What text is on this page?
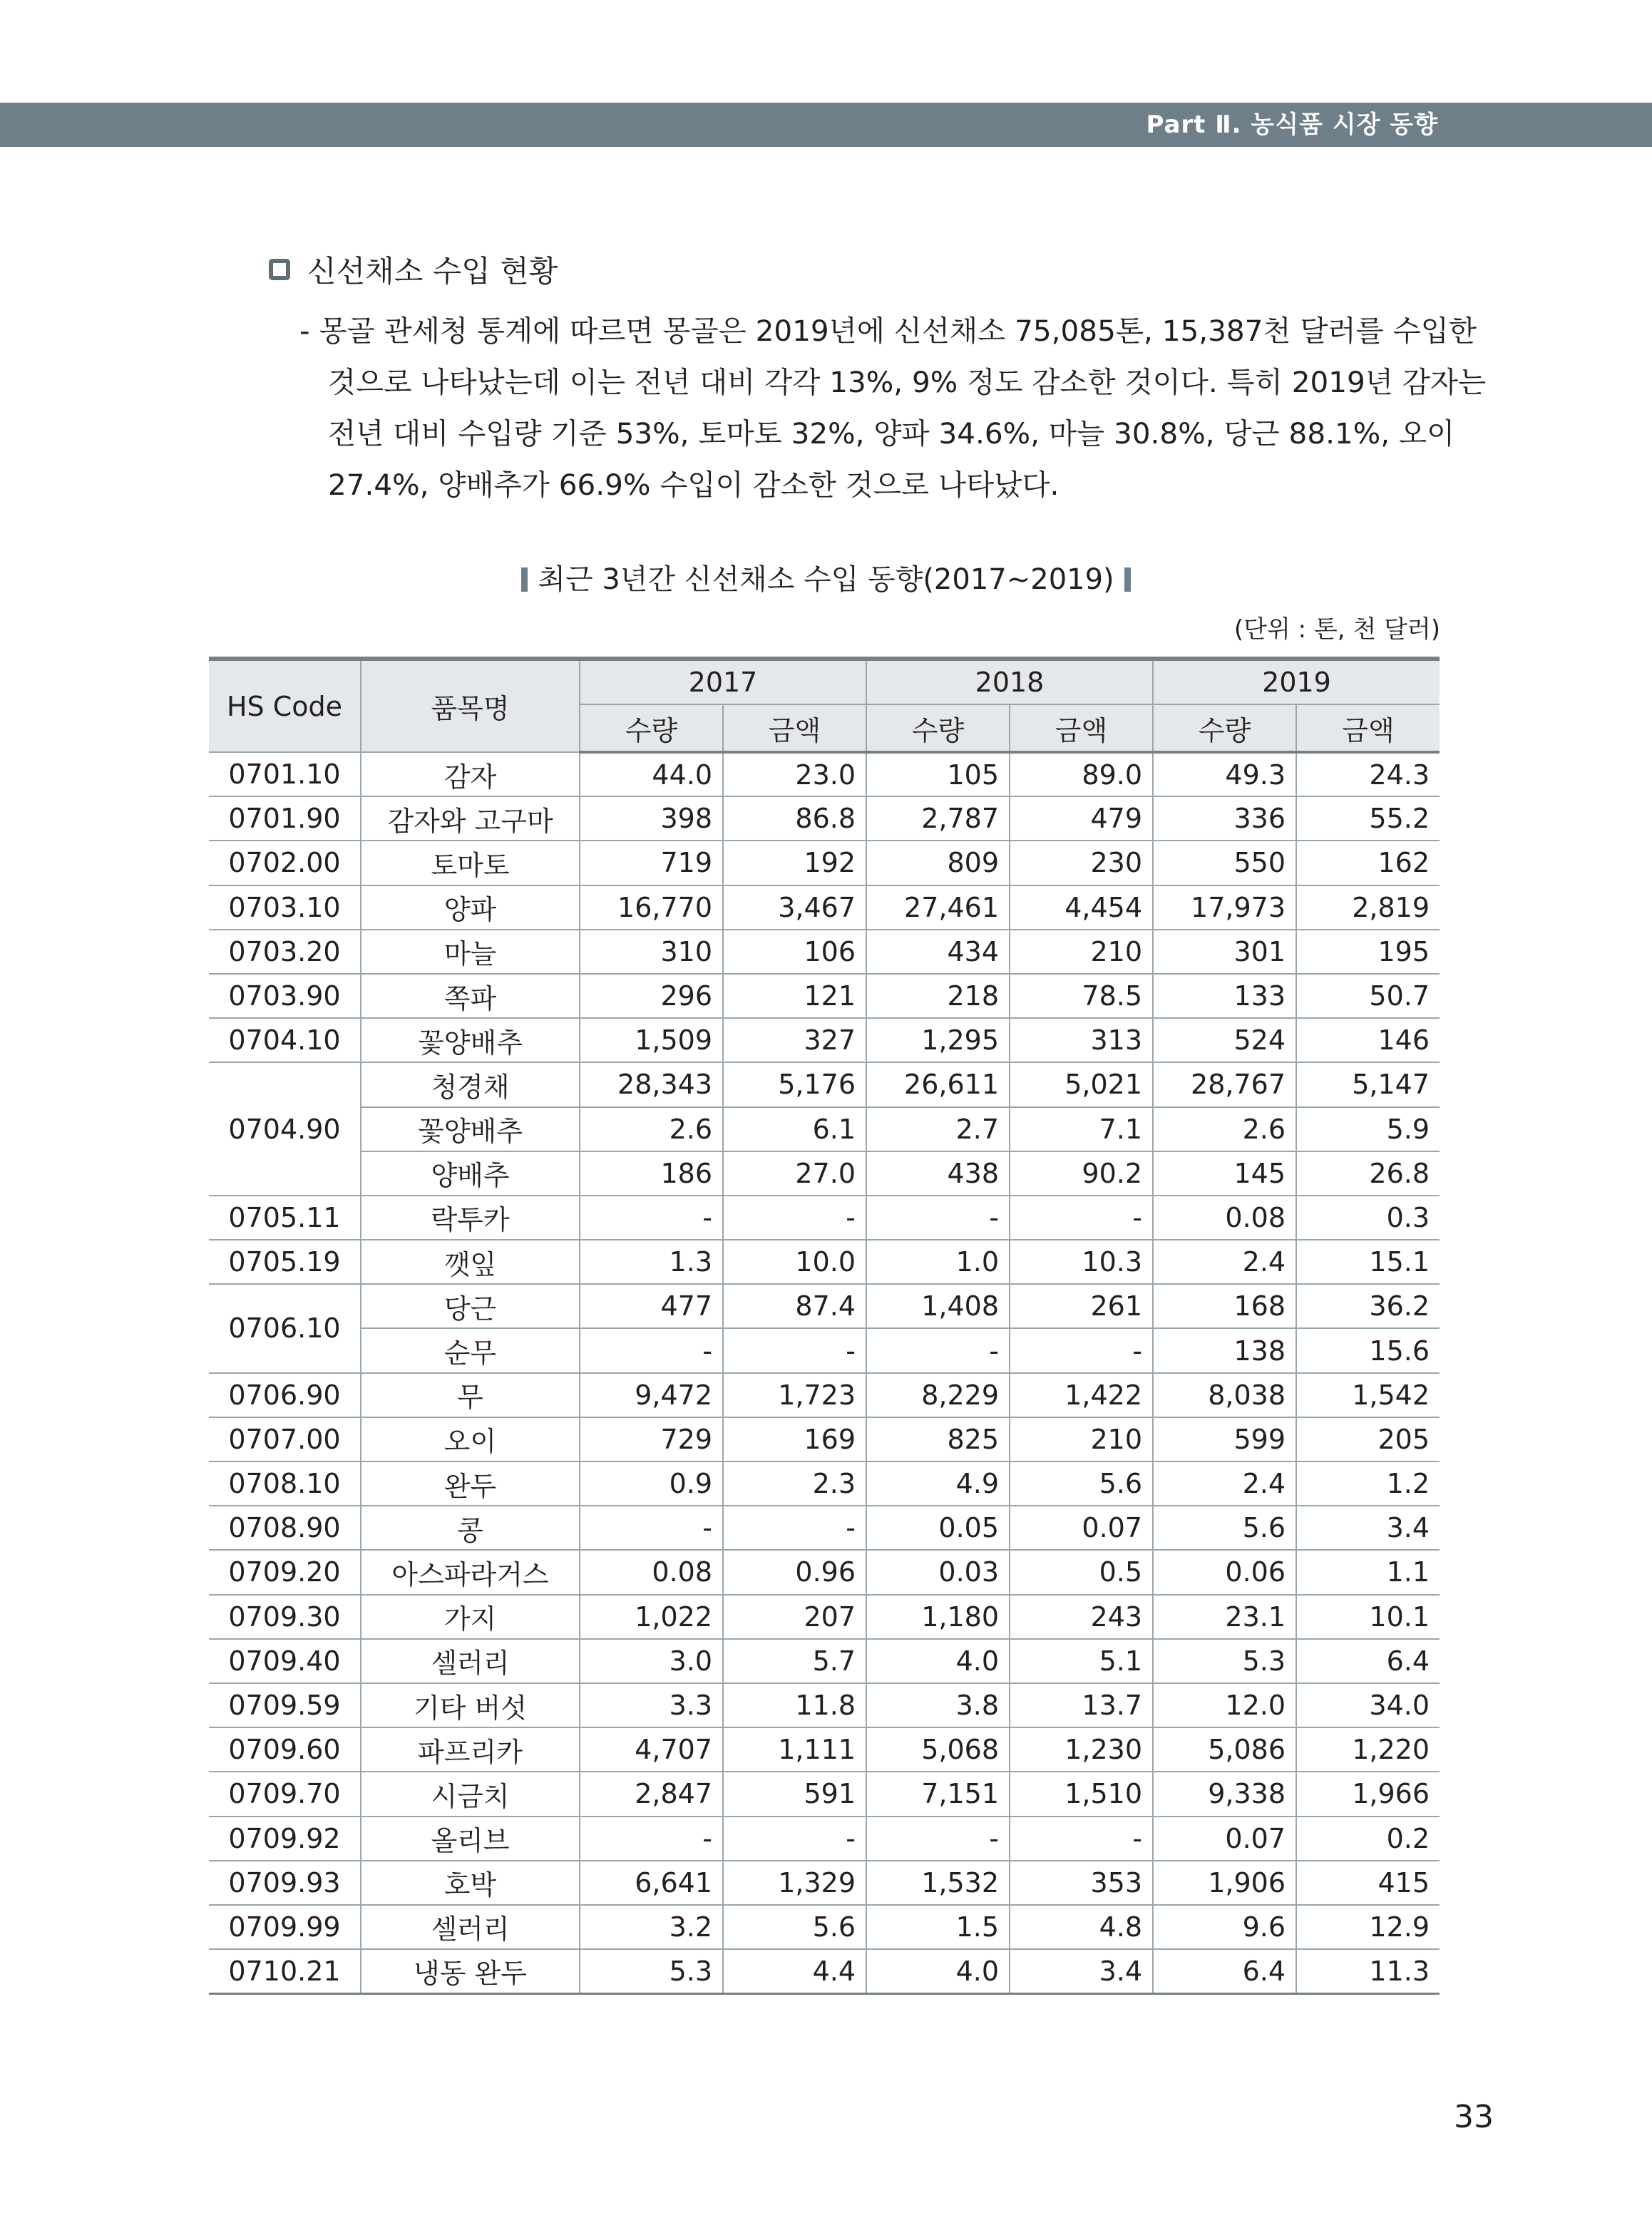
Part Ⅱ. 농식품 시장 동향
신선채소 수입 현황
- 몽골 관세청 통계에 따르면 몽골은 2019년에 신선채소 75,085톤, 15,387천 달러를 수입한
것으로 나타났는데 이는 전년 대비 각각 13%, 9% 정도 감소한 것이다. 특히 2019년 감자는
전년 대비 수입량 기준 53%, 토마토 32%, 양파 34.6%, 마늘 30.8%, 당근 88.1%, 오이
27.4%, 양배추가 66.9% 수입이 감소한 것으로 나타났다.
최근 3년간 신선채소 수입 동향(2017~2019)
(단위 : 톤, 천 달러)
HS Code	품목명	2017		2018		2019	
		수량	금액	수량	금액	수량	금액
0701.10	감자	44.0	23.0	105	89.0	49.3	24.3
0701.90	감자와 고구마	398	86.8	2,787	479	336	55.2
0702.00	토마토	719	192	809	230	550	162
0703.10	양파	16,770	3,467	27,461	4,454	17,973	2,819
0703.20	마늘	310	106	434	210	301	195
0703.90	쪽파	296	121	218	78.5	133	50.7
0704.10	꽃양배추	1,509	327	1,295	313	524	146
0704.90	청경채	28,343	5,176	26,611	5,021	28,767	5,147
	꽃양배추	2.6	6.1	2.7	7.1	2.6	5.9
	양배추	186	27.0	438	90.2	145	26.8
0705.11	락투카	-	-	-	-	0.08	0.3
0705.19	깻잎	1.3	10.0	1.0	10.3	2.4	15.1
0706.10	당근	477	87.4	1,408	261	168	36.2
	순무	-	-	-	-	138	15.6
0706.90	무	9,472	1,723	8,229	1,422	8,038	1,542
0707.00	오이	729	169	825	210	599	205
0708.10	완두	0.9	2.3	4.9	5.6	2.4	1.2
0708.90	콩	-	-	0.05	0.07	5.6	3.4
0709.20	아스파라거스	0.08	0.96	0.03	0.5	0.06	1.1
0709.30	가지	1,022	207	1,180	243	23.1	10.1
0709.40	셀러리	3.0	5.7	4.0	5.1	5.3	6.4
0709.59	기타 버섯	3.3	11.8	3.8	13.7	12.0	34.0
0709.60	파프리카	4,707	1,111	5,068	1,230	5,086	1,220
0709.70	시금치	2,847	591	7,151	1,510	9,338	1,966
0709.92	올리브	-	-	-	-	0.07	0.2
0709.93	호박	6,641	1,329	1,532	353	1,906	415
0709.99	셀러리	3.2	5.6	1.5	4.8	9.6	12.9
0710.21	냉동 완두	5.3	4.4	4.0	3.4	6.4	11.3
33
